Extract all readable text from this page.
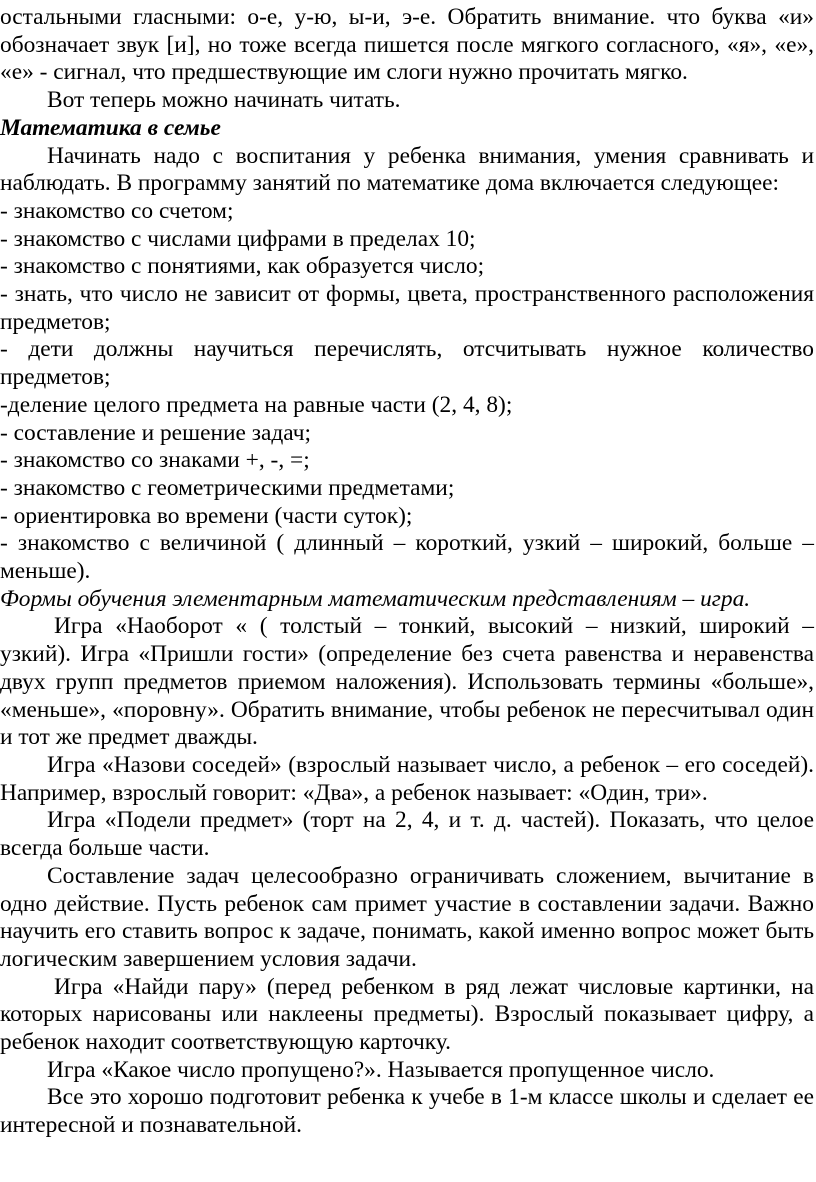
остальными гласными: о-е, у-ю, ы-и, э-е. Обратить внимание. что буква «и» обозначает звук [и], но тоже всегда пишется после мягкого согласного, «я», «е», «е» - сигнал, что предшествующие им слоги нужно прочитать мягко.

Вот теперь можно начинать читать.

Математика в семье

Начинать надо с воспитания у ребенка внимания, умения сравнивать и наблюдать. В программу занятий по математике дома включается следующее:

- знакомство со счетом;
- знакомство с числами цифрами в пределах 10;
- знакомство с понятиями, как образуется число;
- знать, что число не зависит от формы, цвета, пространственного расположения предметов;
- дети должны научиться перечислять, отсчитывать нужное количество предметов;
-деление целого предмета на равные части (2, 4, 8);
- составление и решение задач;
- знакомство со знаками +, -, =;
- знакомство с геометрическими предметами;
- ориентировка во времени (части суток);
- знакомство с величиной ( длинный – короткий, узкий – широкий, больше – меньше).

Формы обучения элементарным математическим представлениям – игра.

Игра «Наоборот « ( толстый – тонкий, высокий – низкий, широкий – узкий). Игра «Пришли гости» (определение без счета равенства и неравенства двух групп предметов приемом наложения). Использовать термины «больше», «меньше», «поровну». Обратить внимание, чтобы ребенок не пересчитывал один и тот же предмет дважды.

Игра «Назови соседей» (взрослый называет число, а ребенок – его соседей). Например, взрослый говорит: «Два», а ребенок называет: «Один, три».

Игра «Подели предмет» (торт на 2, 4, и т. д. частей). Показать, что целое всегда больше части.

Составление задач целесообразно ограничивать сложением, вычитание в одно действие. Пусть ребенок сам примет участие в составлении задачи. Важно научить его ставить вопрос к задаче, понимать, какой именно вопрос может быть логическим завершением условия задачи.

Игра «Найди пару» (перед ребенком в ряд лежат числовые картинки, на которых нарисованы или наклеены предметы). Взрослый показывает цифру, а ребенок находит соответствующую карточку.

Игра «Какое число пропущено?». Называется пропущенное число.

Все это хорошо подготовит ребенка к учебе в 1-м классе школы и сделает ее интересной и познавательной.
